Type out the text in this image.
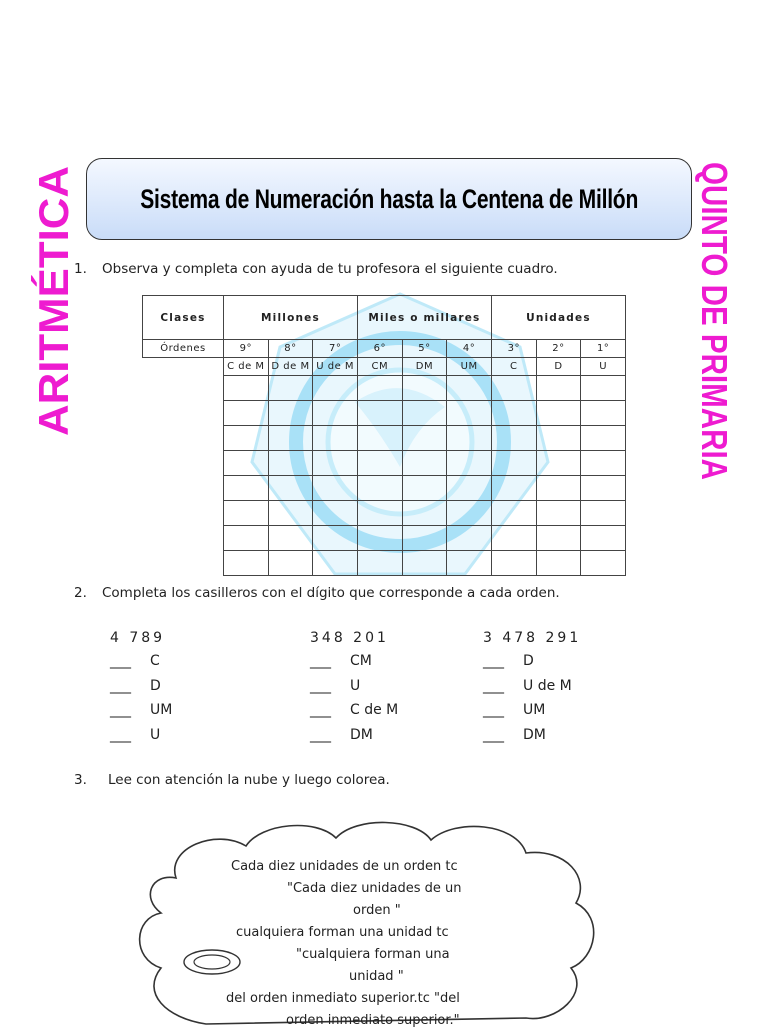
ARITMÉTICA	QUINTO DE PRIMARIA
Sistema de Numeración hasta la Centena de Millón
1. Observa y completa con ayuda de tu profesora el siguiente cuadro.
Clases	Millones			Miles o millares			Unidades		
Órdenes	9°	8°	7°	6°	5°	4°	3°	2°	1°
	C de M	D de M	U de M	CM	DM	UM	C	D	U

2. Completa los casilleros con el dígito que corresponde a cada orden.
4 789
___	C
___	D
___	UM
___	U
348 201
___	CM
___	U
___	C de M
___	DM
3 478 291
___	D
___	U de M
___	UM
___	DM
3. Lee con atención la nube y luego colorea.
Cada diez unidades de un orden tc
"Cada diez unidades de un
orden "
cualquiera forman una unidad tc
"cualquiera forman una
unidad "
del orden inmediato superior.tc "del
orden inmediato superior."
